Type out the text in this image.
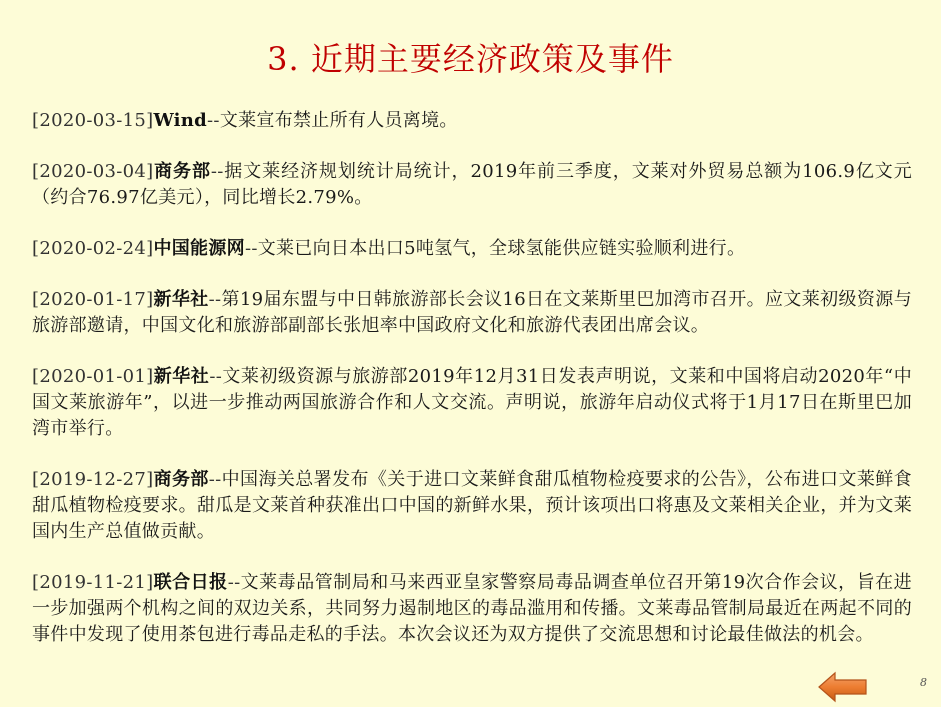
3. 近期主要经济政策及事件

[2020-03-15]Wind--文莱宣布禁止所有人员离境。

[2020-03-04]商务部--据文莱经济规划统计局统计，2019年前三季度，文莱对外贸易总额为106.9亿文元（约合76.97亿美元），同比增长2.79%。

[2020-02-24]中国能源网--文莱已向日本出口5吨氢气，全球氢能供应链实验顺利进行。

[2020-01-17]新华社--第19届东盟与中日韩旅游部长会议16日在文莱斯里巴加湾市召开。应文莱初级资源与旅游部邀请，中国文化和旅游部副部长张旭率中国政府文化和旅游代表团出席会议。

[2020-01-01]新华社--文莱初级资源与旅游部2019年12月31日发表声明说，文莱和中国将启动2020年“中国文莱旅游年”，以进一步推动两国旅游合作和人文交流。声明说，旅游年启动仪式将于1月17日在斯里巴加湾市举行。

[2019-12-27]商务部--中国海关总署发布《关于进口文莱鲜食甜瓜植物检疫要求的公告》，公布进口文莱鲜食甜瓜植物检疫要求。甜瓜是文莱首种获准出口中国的新鲜水果，预计该项出口将惠及文莱相关企业，并为文莱国内生产总值做贡献。

[2019-11-21]联合日报--文莱毒品管制局和马来西亚皇家警察局毒品调查单位召开第19次合作会议，旨在进一步加强两个机构之间的双边关系，共同努力遏制地区的毒品滥用和传播。文莱毒品管制局最近在两起不同的事件中发现了使用茶包进行毒品走私的手法。本次会议还为双方提供了交流思想和讨论最佳做法的机会。

8
